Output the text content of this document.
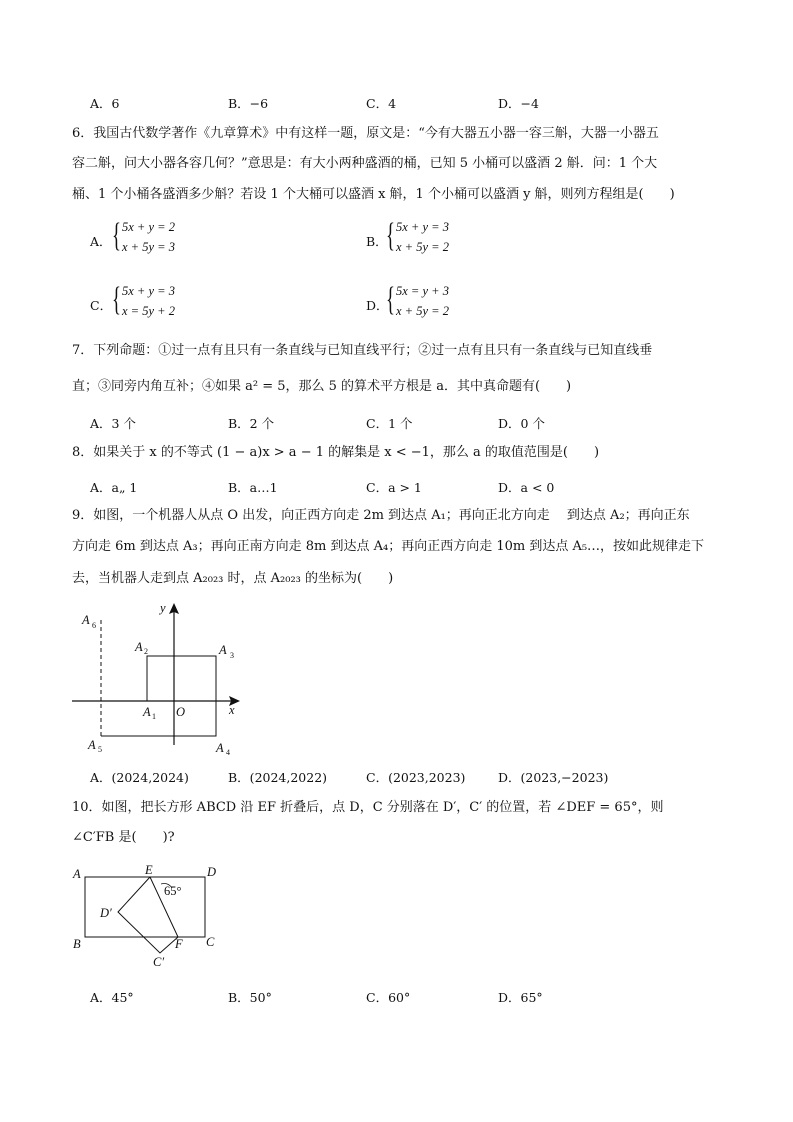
A．6	B．−6	C．4	D．−4
6．我国古代数学著作《九章算术》中有这样一题，原文是：“今有大器五小器一容三斛，大器一小器五
容二斛，问大小器各容几何？”意思是：有大小两种盛酒的桶，已知 5 小桶可以盛酒 2 斛．问：1 个大
桶、1 个小桶各盛酒多少斛？若设 1 个大桶可以盛酒 x 斛，1 个小桶可以盛酒 y 斛，则列方程组是(　　)
A． { 5x + y = 2
x + 5y = 3	B．
{ 5x + y = 3
x + 5y = 2
C． { 5x + y = 3
x = 5y + 2	D．
{ 5x = y + 3
x + 5y = 2
7．下列命题：①过一点有且只有一条直线与已知直线平行；②过一点有且只有一条直线与已知直线垂
直；③同旁内角互补；④如果 a² = 5，那么 5 的算术平方根是 a．其中真命题有(　　)
A．3 个	B．2 个	C．1 个	D．0 个
8．如果关于 x 的不等式 (1 − a)x > a − 1 的解集是 x < −1，那么 a 的取值范围是(　　)
A．a„ 1	B．a…1	C．a > 1	D．a < 0
9．如图，一个机器人从点 O 出发，向正西方向走 2m 到达点 A₁；再向正北方向走　 到达点 A₂；再向正东
方向走 6m 到达点 A₃；再向正南方向走 8m 到达点 A₄；再向正西方向走 10m 到达点 A₅…，按如此规律走下
去，当机器人走到点 A₂₀₂₃ 时，点 A₂₀₂₃ 的坐标为(　　)
y
x
O
A 1
A 2	A 3
A 4
A 5
A 6
A
B	C
D
E
F
D′
C′
65°
A．(2024,2024)	B．(2024,2022)	C．(2023,2023)	D．(2023,−2023)
10．如图，把长方形 ABCD 沿 EF 折叠后，点 D，C 分别落在 D′，C′ 的位置，若 ∠DEF = 65°，则
∠C′FB 是(　　)?
A．45°	B．50°	C．60°	D．65°
